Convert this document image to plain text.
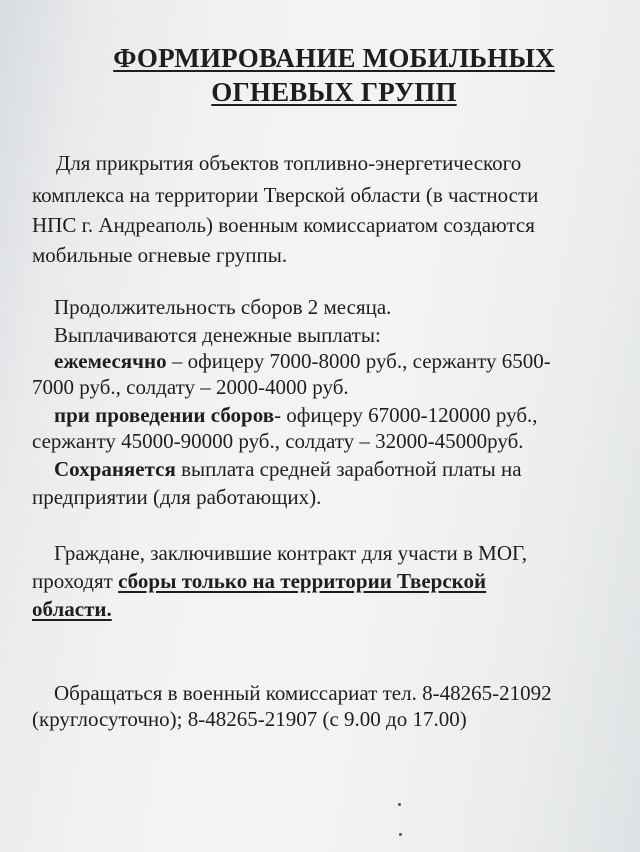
ФОРМИРОВАНИЕ МОБИЛЬНЫХ
ОГНЕВЫХ ГРУПП
Для прикрытия объектов топливно-энергетического
комплекса на территории Тверской области (в частности
НПС г. Андреаполь) военным комиссариатом создаются
мобильные огневые группы.
Продолжительность сборов 2 месяца.
Выплачиваются денежные выплаты:
ежемесячно – офицеру 7000-8000 руб., сержанту 6500-
7000 руб., солдату – 2000-4000 руб.
при проведении сборов- офицеру 67000-120000 руб.,
сержанту 45000-90000 руб., солдату – 32000-45000руб.
Сохраняется выплата средней заработной платы на
предприятии (для работающих).
Граждане, заключившие контракт для участи в МОГ,
проходят сборы только на территории Тверской
области.
Обращаться в военный комиссариат тел. 8-48265-21092
(круглосуточно); 8-48265-21907 (с 9.00 до 17.00)
